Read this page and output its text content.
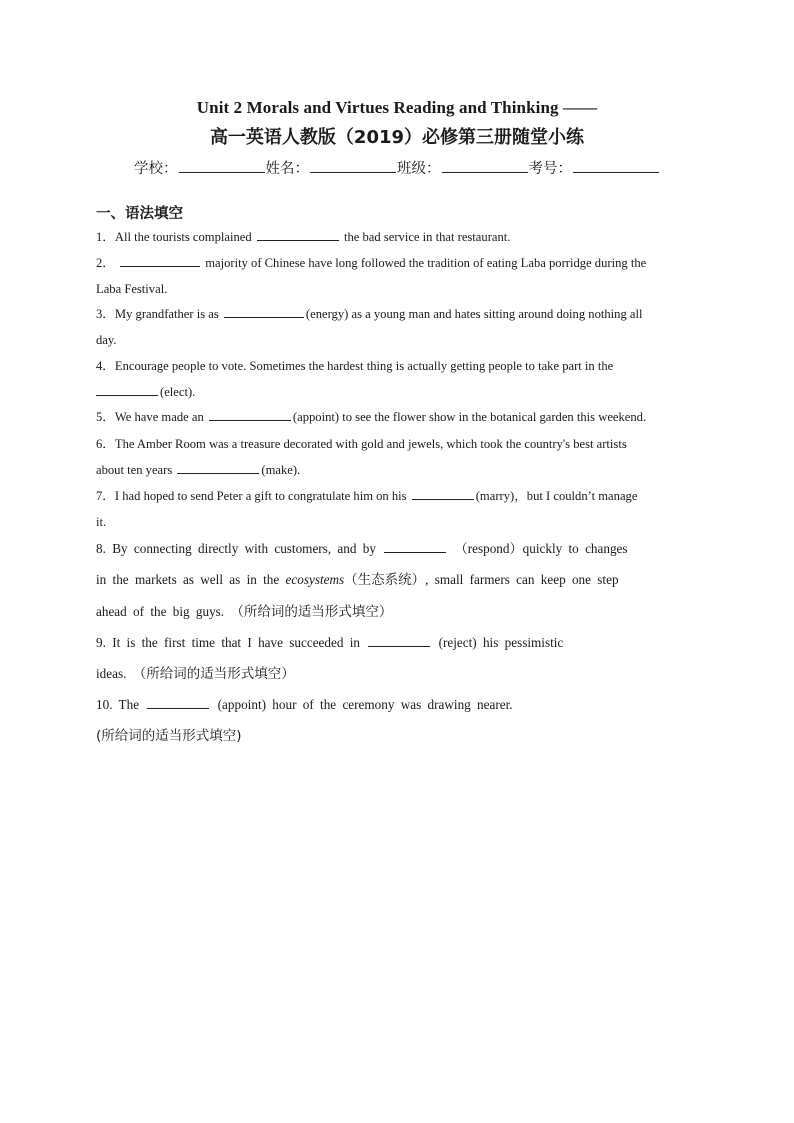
Unit 2 Morals and Virtues Reading and Thinking ——
高一英语人教版（2019）必修第三册随堂小练
学校：	姓名：	班级：	考号：
一、语法填空
1．All the tourists complained	the bad service in that restaurant.
2．	majority of Chinese have long followed the tradition of eating Laba porridge during the
Laba Festival.
3．My grandfather is as	(energy) as a young man and hates sitting around doing nothing all
day.
4．Encourage people to vote. Sometimes the hardest thing is actually getting people to take part in the
(elect).
5．We have made an	(appoint) to see the flower show in the botanical garden this weekend.
6．The Amber Room was a treasure decorated with gold and jewels, which took the country's best artists
about ten years	(make).
7．I had hoped to send Peter a gift to congratulate him on his	(marry)，but I couldn’t manage
it.
8. By connecting directly with customers, and by	（respond）quickly to changes
in the markets as well as in the ecosystems（生态系统）, small farmers can keep one step
ahead of the big guys. （所给词的适当形式填空）
9. It is the first time that I have succeeded in	(reject) his pessimistic
ideas. （所给词的适当形式填空）
10. The	(appoint) hour of the ceremony was drawing nearer.
(所给词的适当形式填空)
